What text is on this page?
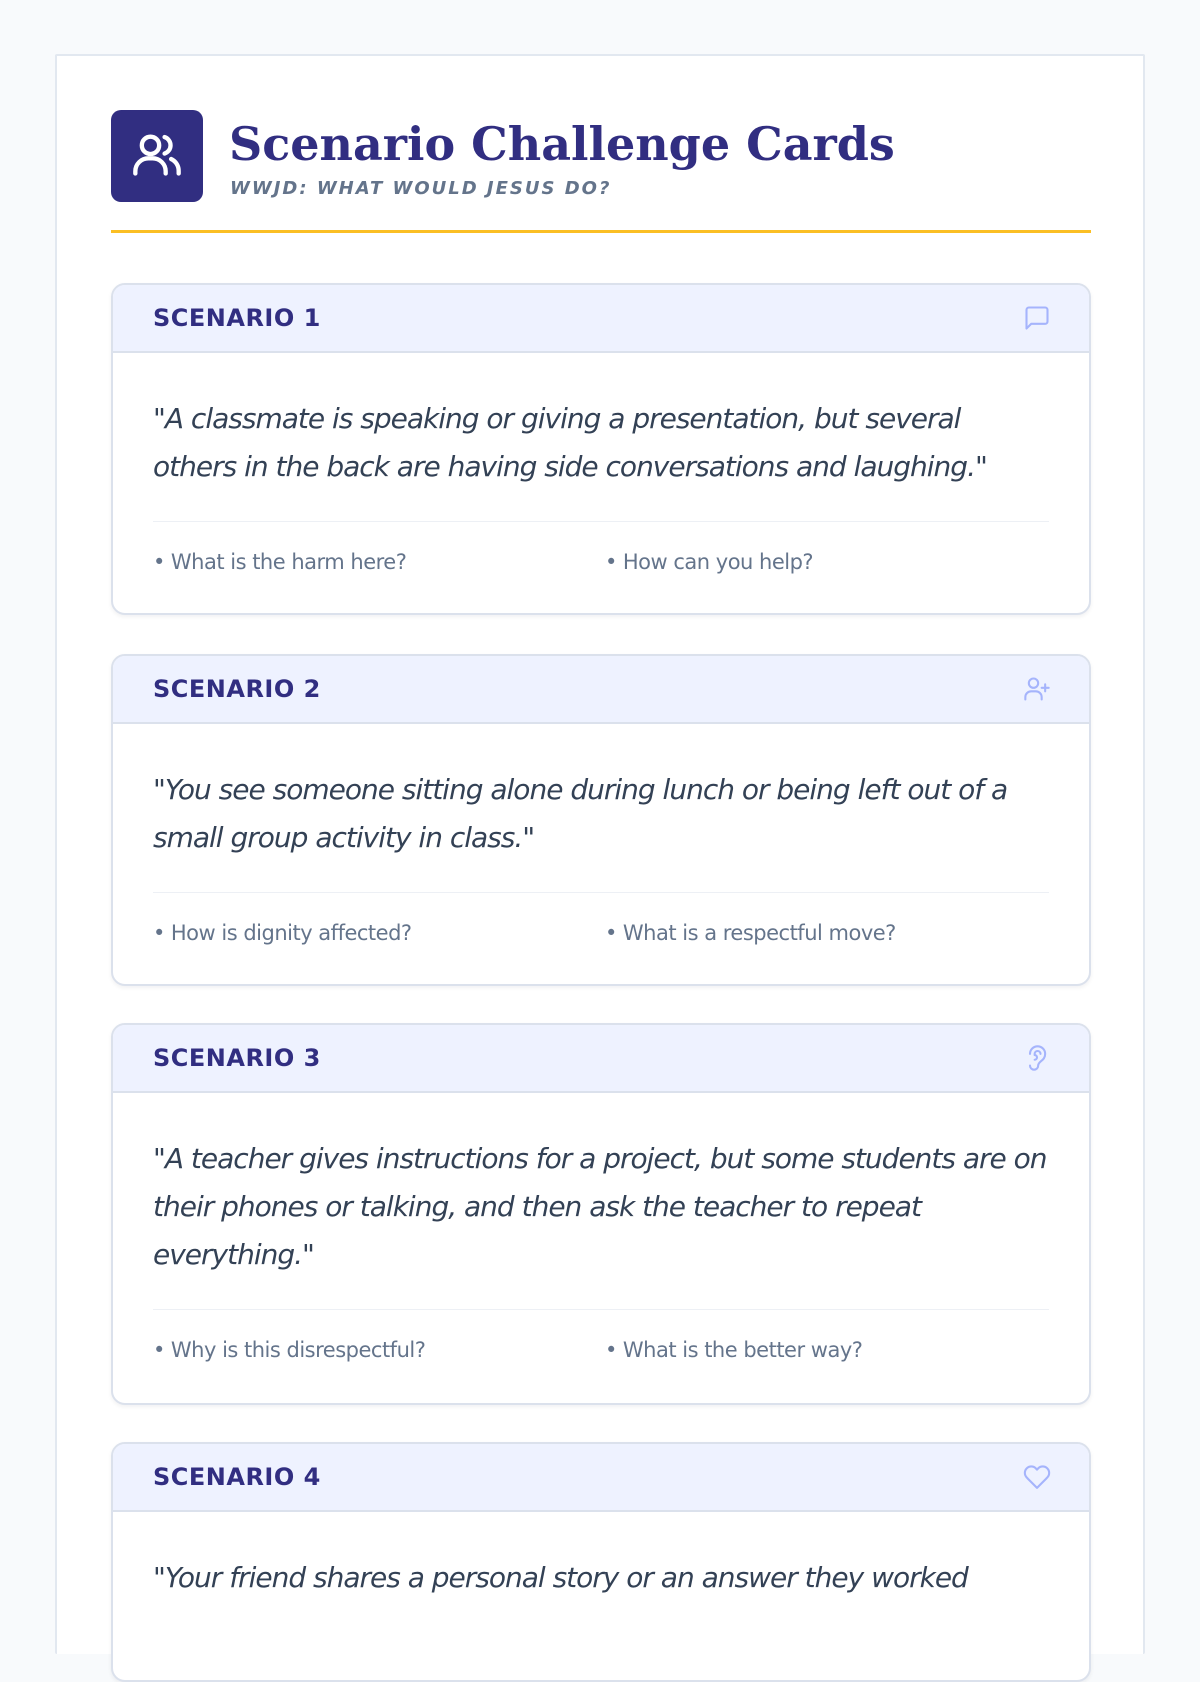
Scenario Challenge Cards
WWJD: WHAT WOULD JESUS DO?
SCENARIO 1

"A classmate is speaking or giving a presentation, but several others in the back are having side conversations and laughing."

• What is the harm here?	• How can you help?
SCENARIO 2

"You see someone sitting alone during lunch or being left out of a small group activity in class."

• How is dignity affected?	• What is a respectful move?
SCENARIO 3

"A teacher gives instructions for a project, but some students are on their phones or talking, and then ask the teacher to repeat everything."

• Why is this disrespectful?	• What is the better way?
SCENARIO 4

"Your friend shares a personal story or an answer they worked
